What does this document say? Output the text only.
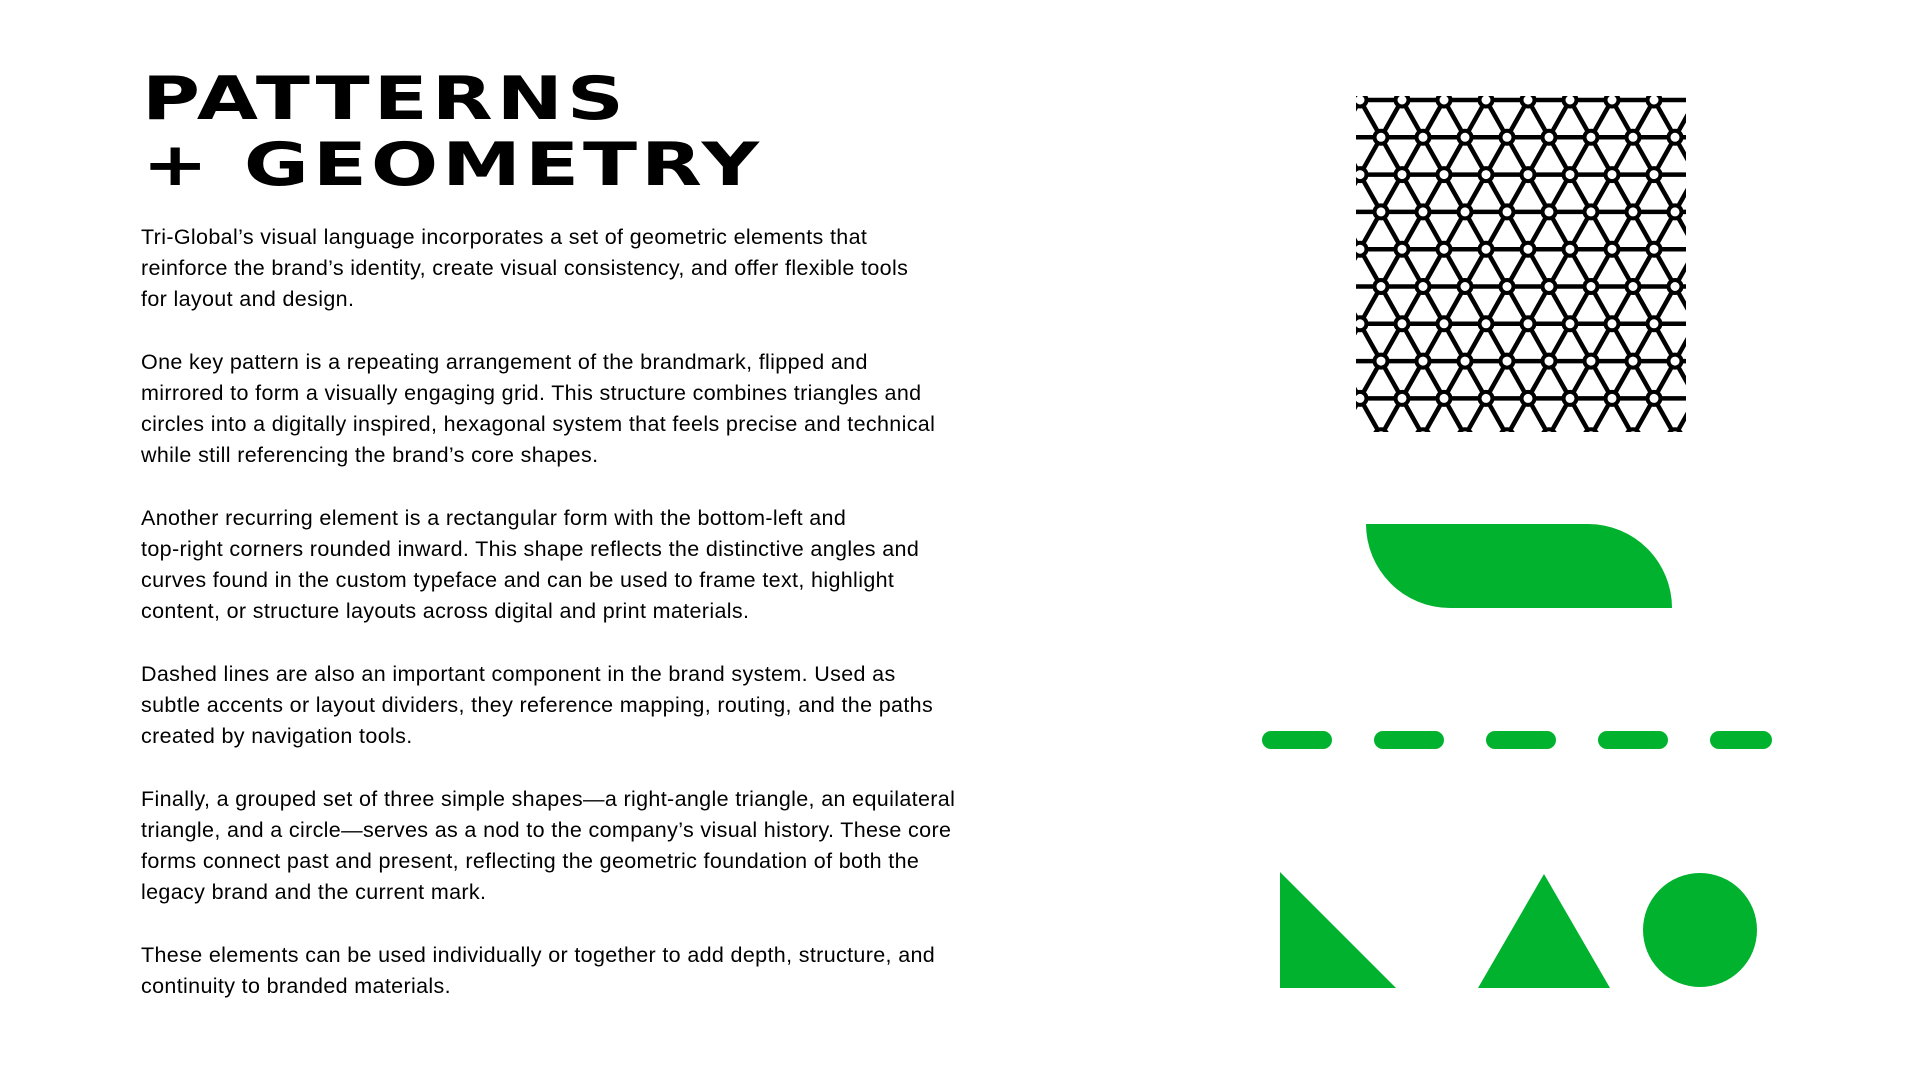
PATTERNS
+ GEOMETRY

Tri-Global’s visual language incorporates a set of geometric elements that
reinforce the brand’s identity, create visual consistency, and offer flexible tools
for layout and design.

One key pattern is a repeating arrangement of the brandmark, flipped and
mirrored to form a visually engaging grid. This structure combines triangles and
circles into a digitally inspired, hexagonal system that feels precise and technical
while still referencing the brand’s core shapes.

Another recurring element is a rectangular form with the bottom-left and
top-right corners rounded inward. This shape reflects the distinctive angles and
curves found in the custom typeface and can be used to frame text, highlight
content, or structure layouts across digital and print materials.

Dashed lines are also an important component in the brand system. Used as
subtle accents or layout dividers, they reference mapping, routing, and the paths
created by navigation tools.

Finally, a grouped set of three simple shapes—a right-angle triangle, an equilateral
triangle, and a circle—serves as a nod to the company’s visual history. These core
forms connect past and present, reflecting the geometric foundation of both the
legacy brand and the current mark.

These elements can be used individually or together to add depth, structure, and
continuity to branded materials.
